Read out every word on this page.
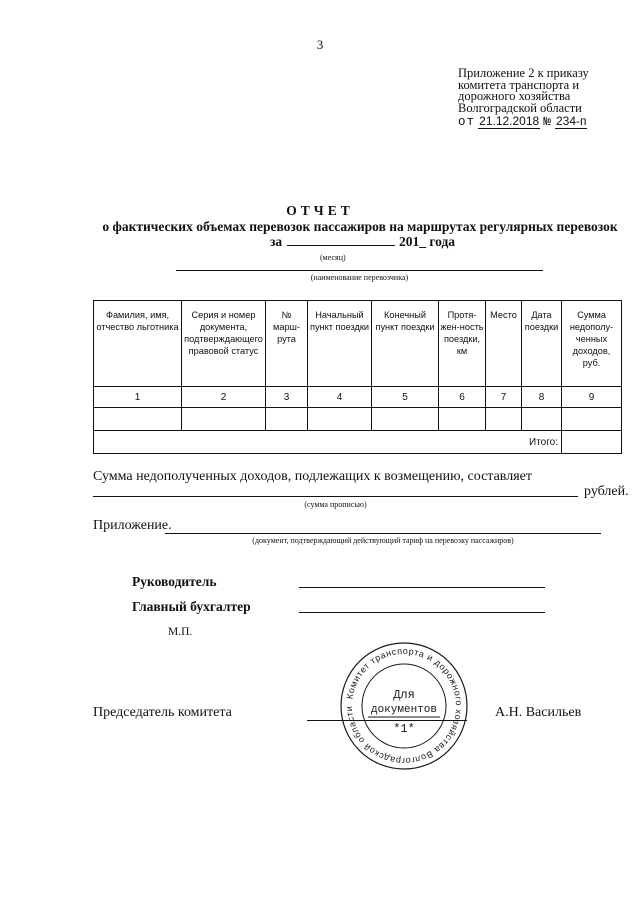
3
Приложение 2 к приказу
комитета транспорта и
дорожного хозяйства
Волгоградской области
от 21.12.2018 № 234-п
ОТЧЕТ
о фактических объемах перевозок пассажиров на маршрутах регулярных перевозок
за	201_ года
(месяц)
(наименование перевозчика)
Фамилия, имя, отчество льготника	Серия и номер документа, подтверждающего правовой статус	№ марш-рута	Начальный пункт поездки	Конечный пункт поездки	Протя-жен-ность поездки, км	Место	Дата поездки	Сумма недополу-ченных доходов, руб.
1	2	3	4	5	6	7	8	9

Итого:								
Сумма недополученных доходов, подлежащих к возмещению, составляет
рублей.
(сумма прописью)
Приложение.
(документ, подтверждающий действующий тариф на перевозку пассажиров)
Руководитель
Главный бухгалтер
М.П.
Председатель комитета	А.Н. Васильев
Комитет транспорта и дорожного хозяйства Волгоградской области
Для
документов
*1*
